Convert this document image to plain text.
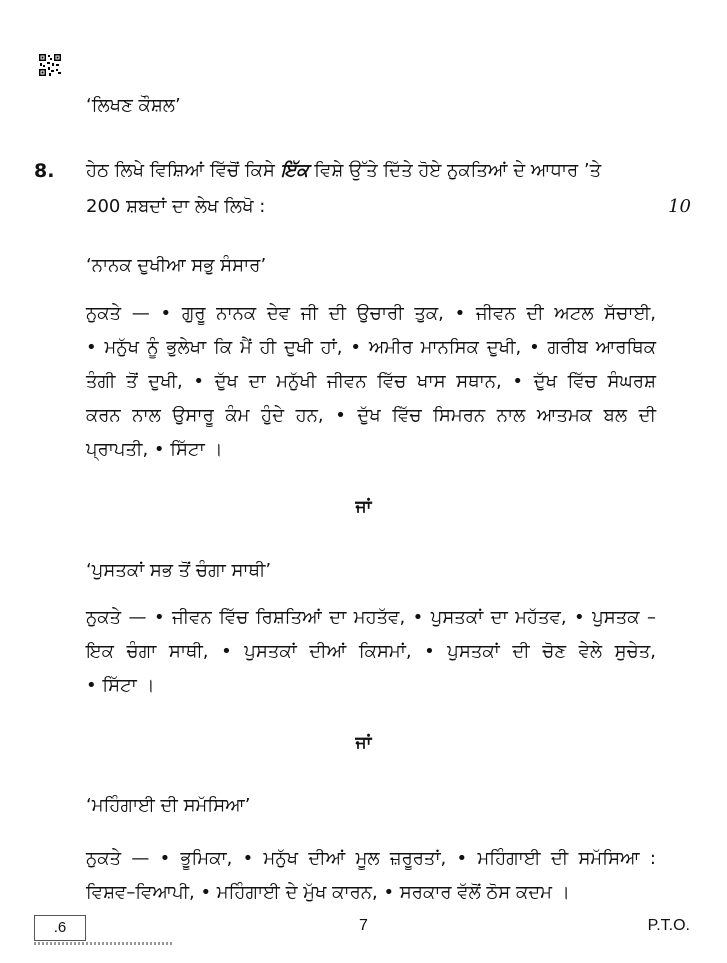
‘ਲਿਖਣ ਕੌਸ਼ਲ’
8. ਹੇਠ ਲਿਖੇ ਵਿਸ਼ਿਆਂ ਵਿੱਚੋਂ ਕਿਸੇ ਇੱਕ ਵਿਸ਼ੇ ਉੱਤੇ ਦਿੱਤੇ ਹੋਏ ਨੁਕਤਿਆਂ ਦੇ ਆਧਾਰ ’ਤੇ
200 ਸ਼ਬਦਾਂ ਦਾ ਲੇਖ ਲਿਖੋ :	10
‘ਨਾਨਕ ਦੁਖੀਆ ਸਭੁ ਸੰਸਾਰ’
ਨੁਕਤੇ — • ਗੁਰੂ ਨਾਨਕ ਦੇਵ ਜੀ ਦੀ ਉਚਾਰੀ ਤੁਕ, • ਜੀਵਨ ਦੀ ਅਟਲ ਸੱਚਾਈ,
• ਮਨੁੱਖ ਨੂੰ ਭੁਲੇਖਾ ਕਿ ਮੈਂ ਹੀ ਦੁਖੀ ਹਾਂ, • ਅਮੀਰ ਮਾਨਸਿਕ ਦੁਖੀ, • ਗਰੀਬ ਆਰਥਿਕ
ਤੰਗੀ ਤੋਂ ਦੁਖੀ, • ਦੁੱਖ ਦਾ ਮਨੁੱਖੀ ਜੀਵਨ ਵਿੱਚ ਖਾਸ ਸਥਾਨ, • ਦੁੱਖ ਵਿੱਚ ਸੰਘਰਸ਼
ਕਰਨ ਨਾਲ ਉਸਾਰੂ ਕੰਮ ਹੁੰਦੇ ਹਨ, • ਦੁੱਖ ਵਿੱਚ ਸਿਮਰਨ ਨਾਲ ਆਤਮਕ ਬਲ ਦੀ
ਪ੍ਰਾਪਤੀ, • ਸਿੱਟਾ ।
ਜਾਂ
‘ਪੁਸਤਕਾਂ ਸਭ ਤੋਂ ਚੰਗਾ ਸਾਥੀ’
ਨੁਕਤੇ — • ਜੀਵਨ ਵਿੱਚ ਰਿਸ਼ਤਿਆਂ ਦਾ ਮਹਤੱਵ, • ਪੁਸਤਕਾਂ ਦਾ ਮਹੱਤਵ, • ਪੁਸਤਕ –
ਇਕ ਚੰਗਾ ਸਾਥੀ, • ਪੁਸਤਕਾਂ ਦੀਆਂ ਕਿਸਮਾਂ, • ਪੁਸਤਕਾਂ ਦੀ ਚੋਣ ਵੇਲੇ ਸੁਚੇਤ,
• ਸਿੱਟਾ ।
ਜਾਂ
‘ਮਹਿੰਗਾਈ ਦੀ ਸਮੱਸਿਆ’
ਨੁਕਤੇ — • ਭੂਮਿਕਾ, • ਮਨੁੱਖ ਦੀਆਂ ਮੂਲ ਜ਼ਰੂਰਤਾਂ, • ਮਹਿੰਗਾਈ ਦੀ ਸਮੱਸਿਆ :
ਵਿਸ਼ਵ–ਵਿਆਪੀ, • ਮਹਿੰਗਾਈ ਦੇ ਮੁੱਖ ਕਾਰਨ, • ਸਰਕਾਰ ਵੱਲੋਂ ਠੋਸ ਕਦਮ ।
.6	7	P.T.O.
